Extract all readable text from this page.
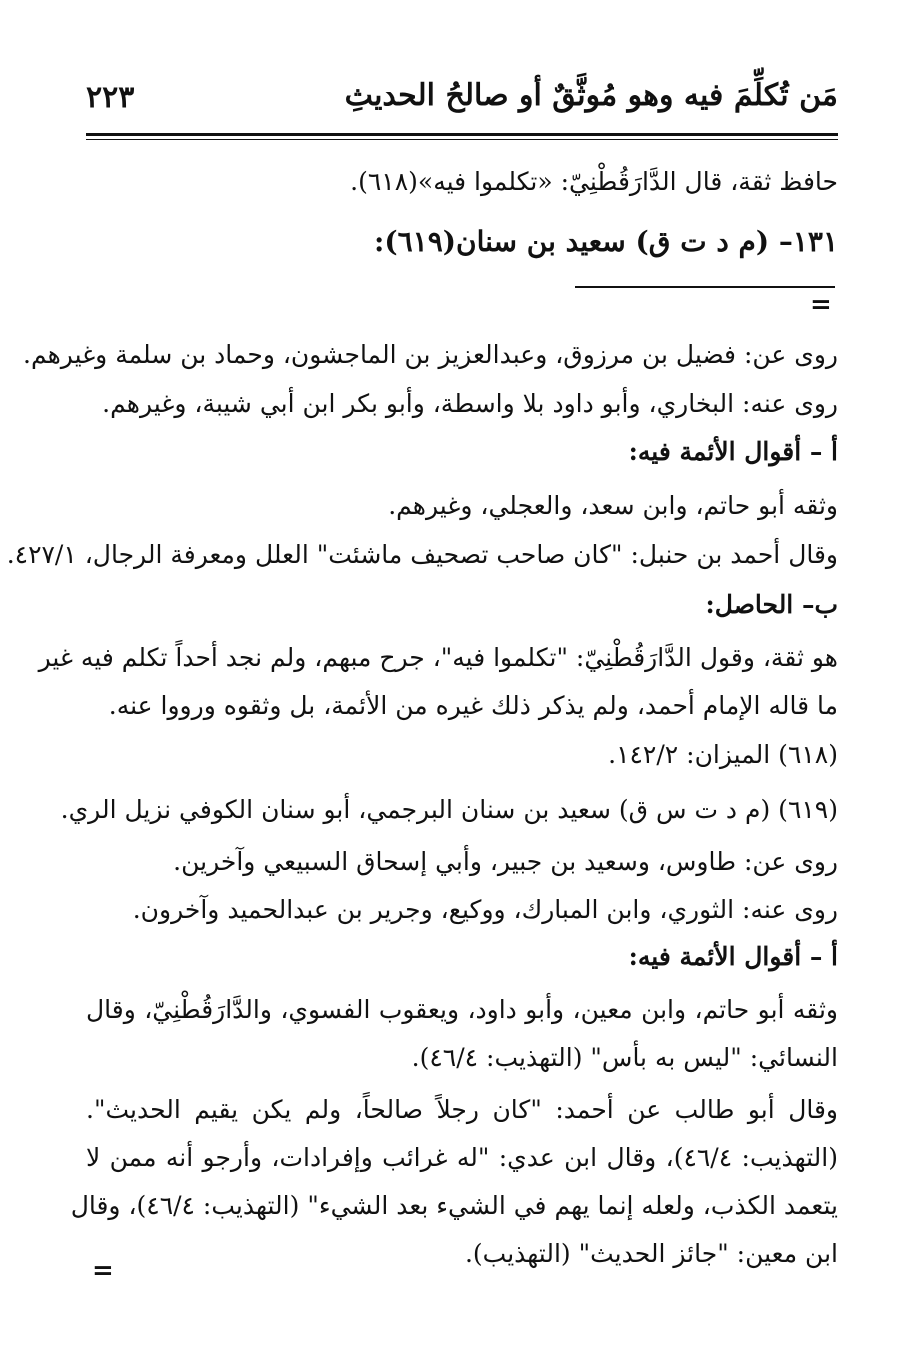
مَن تُكلِّمَ فيه وهو مُوثَّقٌ أو صالحُ الحديثِ
٢٢٣
حافظ ثقة، قال الدَّارَقُطْنِيّ: «تكلموا فيه»(٦١٨).
١٣١– (م د ت ق) سعيد بن سنان(٦١٩):
=
روى عن: فضيل بن مرزوق، وعبدالعزيز بن الماجشون، وحماد بن سلمة وغيرهم.
روى عنه: البخاري، وأبو داود بلا واسطة، وأبو بكر ابن أبي شيبة، وغيرهم.
أ – أقوال الأئمة فيه:
وثقه أبو حاتم، وابن سعد، والعجلي، وغيرهم.
وقال أحمد بن حنبل: "كان صاحب تصحيف ماشئت" العلل ومعرفة الرجال، ٤٢٧/١.
ب– الحاصل:
هو ثقة، وقول الدَّارَقُطْنِيّ: "تكلموا فيه"، جرح مبهم، ولم نجد أحداً تكلم فيه غير
ما قاله الإمام أحمد، ولم يذكر ذلك غيره من الأئمة، بل وثقوه ورووا عنه.
(٦١٨) الميزان: ١٤٢/٢.
(٦١٩) (م د ت س ق) سعيد بن سنان البرجمي، أبو سنان الكوفي نزيل الري.
روى عن: طاوس، وسعيد بن جبير، وأبي إسحاق السبيعي وآخرين.
روى عنه: الثوري، وابن المبارك، ووكيع، وجرير بن عبدالحميد وآخرون.
أ – أقوال الأئمة فيه:
وثقه أبو حاتم، وابن معين، وأبو داود، ويعقوب الفسوي، والدَّارَقُطْنِيّ، وقال
النسائي: "ليس به بأس" (التهذيب: ٤٦/٤).
وقال أبو طالب عن أحمد: "كان رجلاً صالحاً، ولم يكن يقيم الحديث".
(التهذيب: ٤٦/٤)، وقال ابن عدي: "له غرائب وإفرادات، وأرجو أنه ممن لا
يتعمد الكذب، ولعله إنما يهم في الشيء بعد الشيء" (التهذيب: ٤٦/٤)، وقال
ابن معين: "جائز الحديث" (التهذيب).
=
